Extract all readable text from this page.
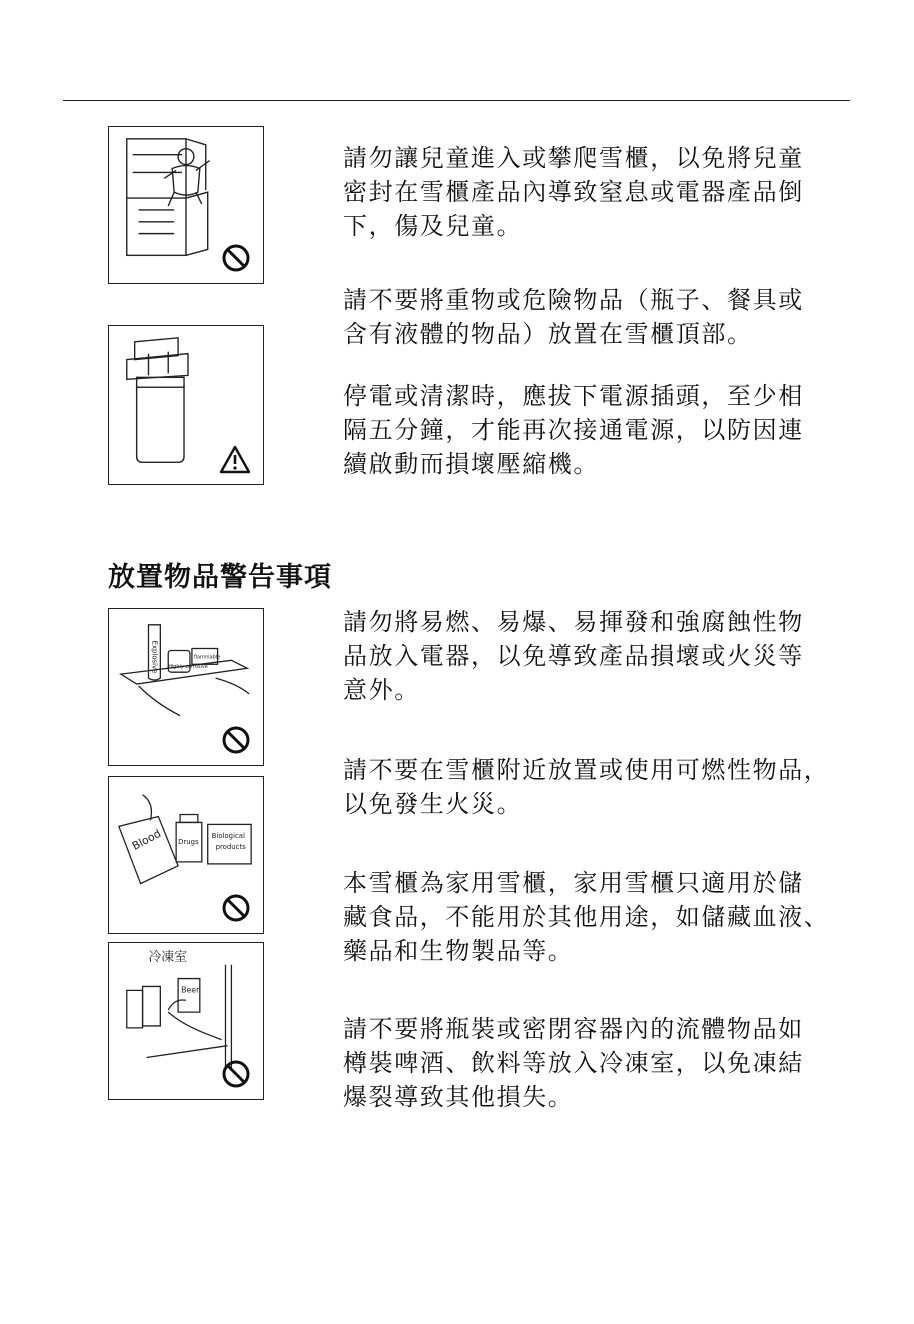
請勿讓兒童進入或攀爬雪櫃，以免將兒童
密封在雪櫃產品內導致窒息或電器產品倒
下，傷及兒童。

請不要將重物或危險物品（瓶子、餐具或
含有液體的物品）放置在雪櫃頂部。

停電或清潔時，應拔下電源插頭，至少相
隔五分鐘，才能再次接通電源，以防因連
續啟動而損壞壓縮機。

放置物品警告事項
Explosive Highly corrosive
flammable
Blood Drugs
Biological
products
冷凍室
Beer

請勿將易燃、易爆、易揮發和強腐蝕性物
品放入電器，以免導致產品損壞或火災等
意外。

請不要在雪櫃附近放置或使用可燃性物品，
以免發生火災。

本雪櫃為家用雪櫃，家用雪櫃只適用於儲
藏食品，不能用於其他用途，如儲藏血液、
藥品和生物製品等。

請不要將瓶裝或密閉容器內的流體物品如
樽裝啤酒、飲料等放入冷凍室，以免凍結
爆裂導致其他損失。
